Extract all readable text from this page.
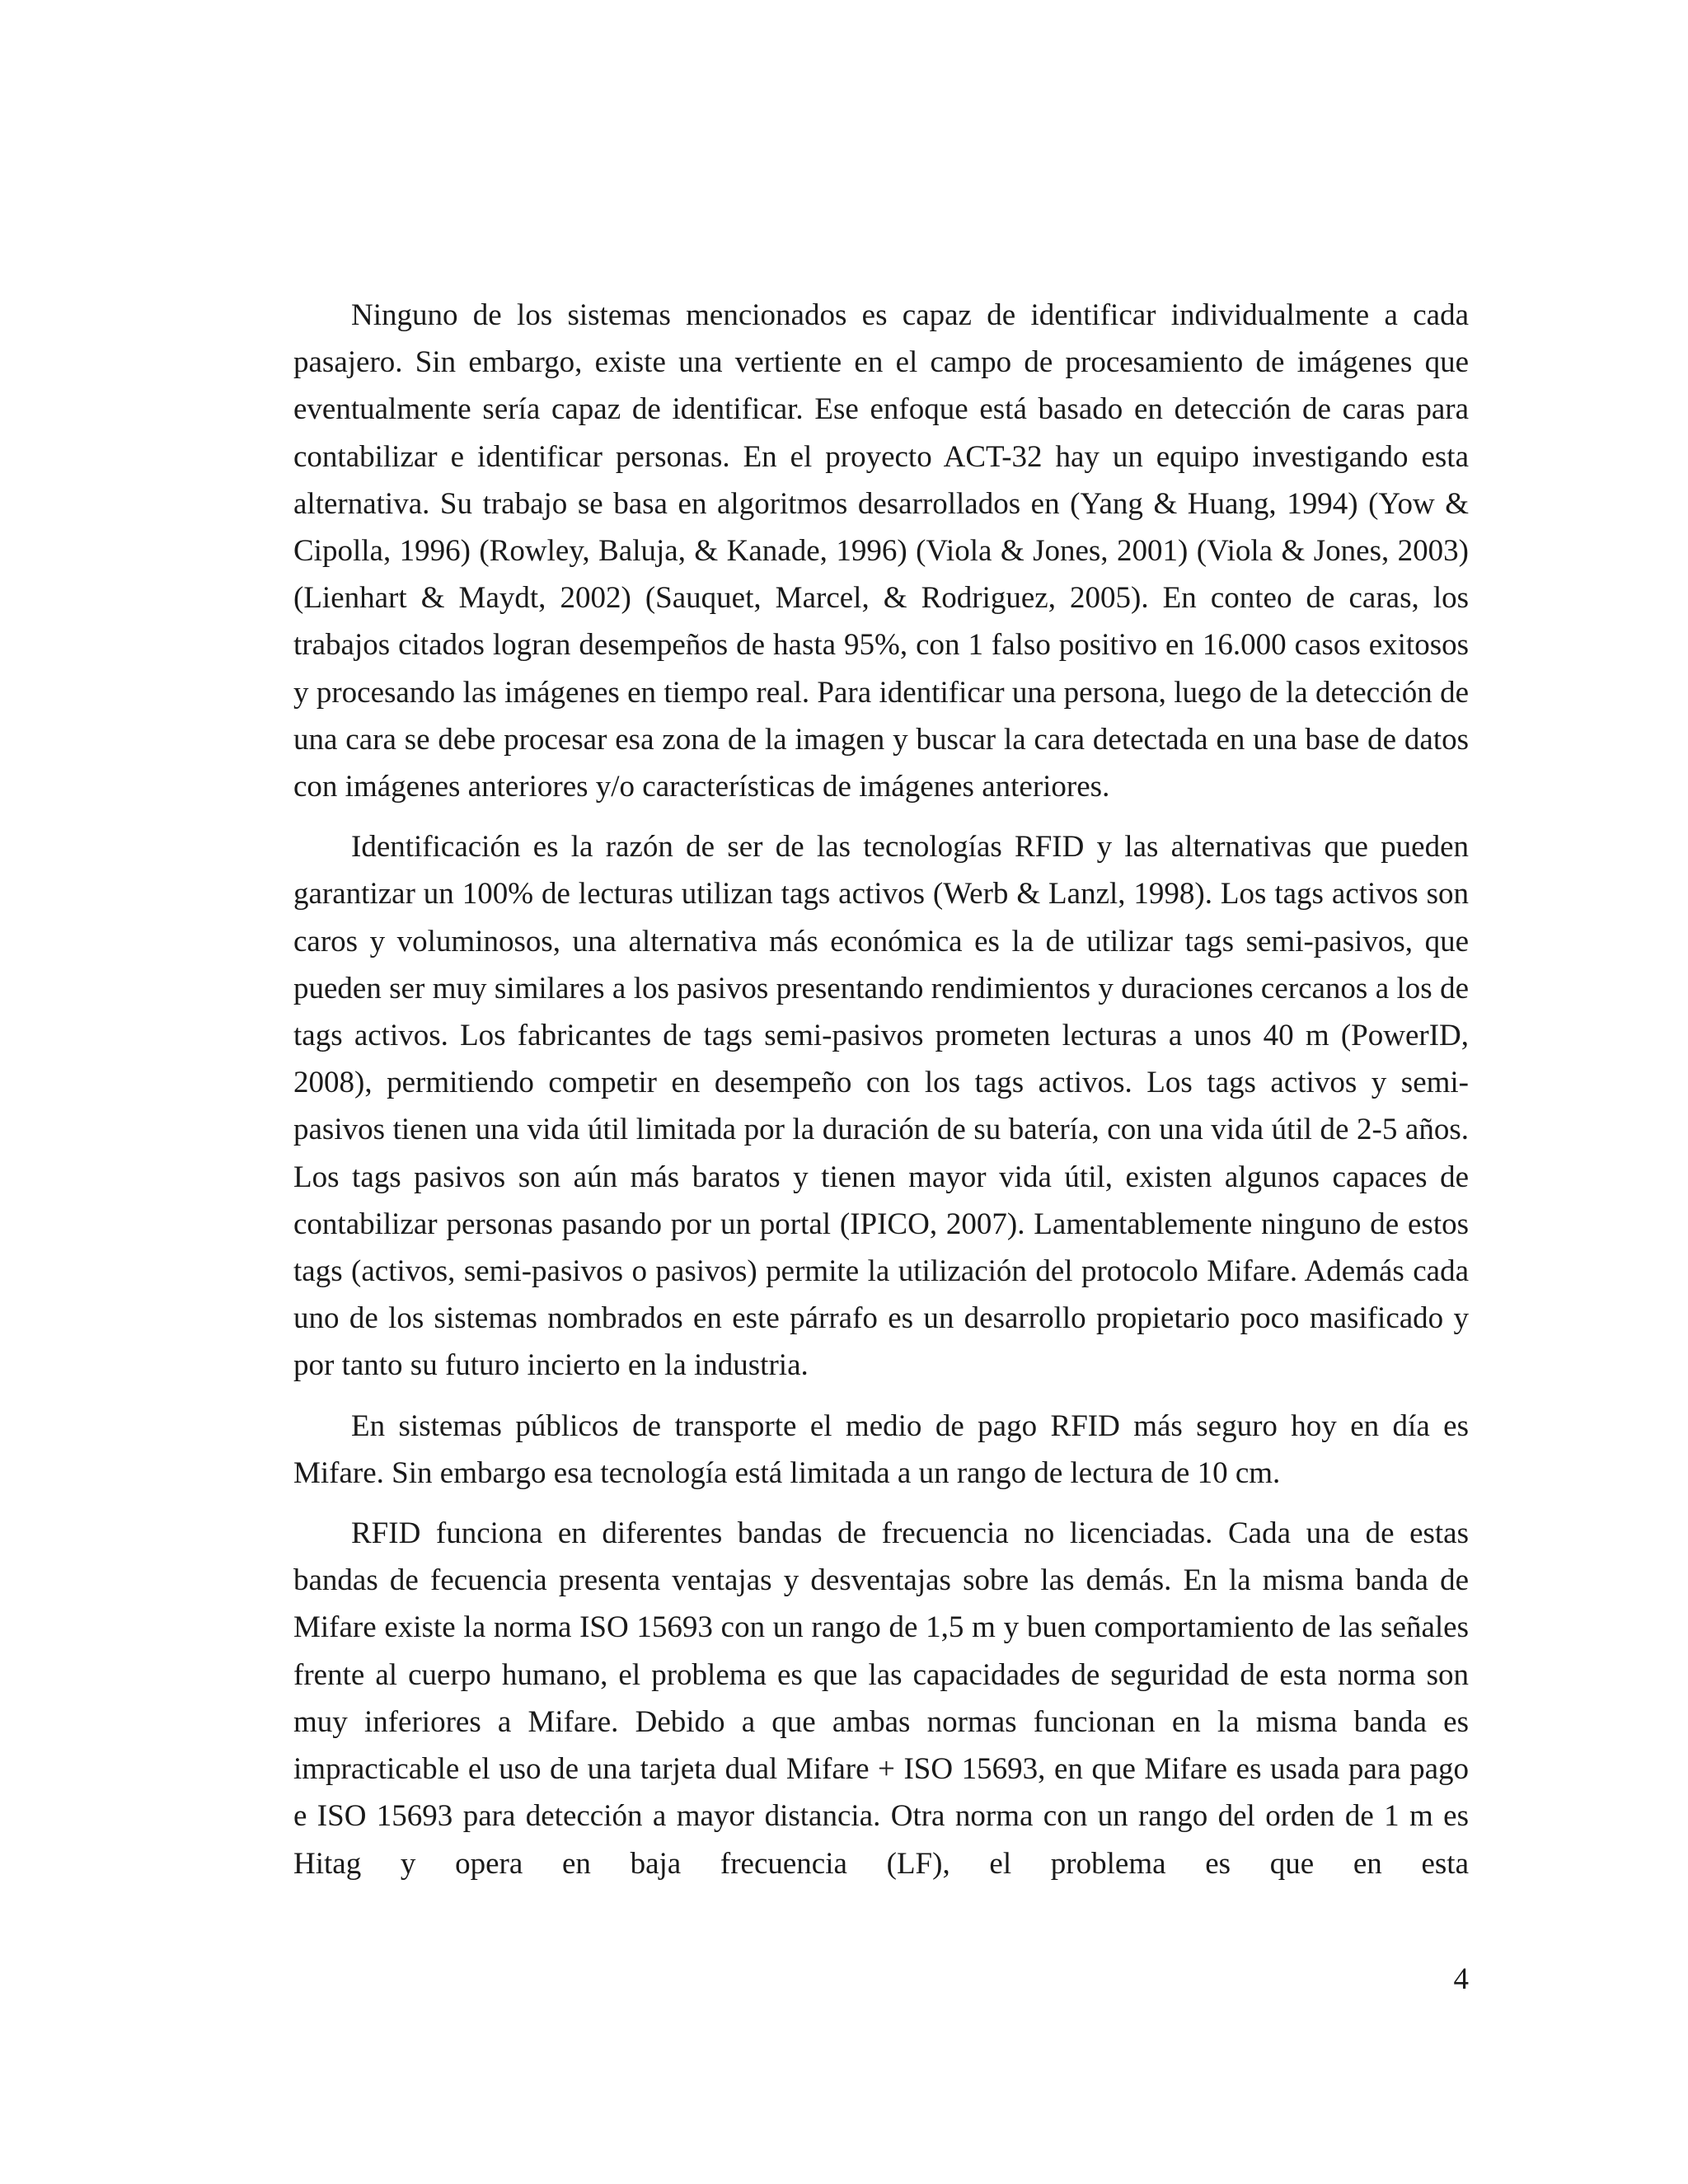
Ninguno de los sistemas mencionados es capaz de identificar individualmente a cada pasajero. Sin embargo, existe una vertiente en el campo de procesamiento de imágenes que eventualmente sería capaz de identificar. Ese enfoque está basado en detección de caras para contabilizar e identificar personas. En el proyecto ACT-32 hay un equipo investigando esta alternativa. Su trabajo se basa en algoritmos desarrollados en (Yang & Huang, 1994) (Yow & Cipolla, 1996) (Rowley, Baluja, & Kanade, 1996) (Viola & Jones, 2001) (Viola & Jones, 2003) (Lienhart & Maydt, 2002) (Sauquet, Marcel, & Rodriguez, 2005). En conteo de caras, los trabajos citados logran desempeños de hasta 95%, con 1 falso positivo en 16.000 casos exitosos y procesando las imágenes en tiempo real. Para identificar una persona, luego de la detección de una cara se debe procesar esa zona de la imagen y buscar la cara detectada en una base de datos con imágenes anteriores y/o características de imágenes anteriores.

Identificación es la razón de ser de las tecnologías RFID y las alternativas que pueden garantizar un 100% de lecturas utilizan tags activos (Werb & Lanzl, 1998). Los tags activos son caros y voluminosos, una alternativa más económica es la de utilizar tags semi-pasivos, que pueden ser muy similares a los pasivos presentando rendimientos y duraciones cercanos a los de tags activos. Los fabricantes de tags semi-pasivos prometen lecturas a unos 40 m (PowerID, 2008), permitiendo competir en desempeño con los tags activos. Los tags activos y semi-pasivos tienen una vida útil limitada por la duración de su batería, con una vida útil de 2-5 años. Los tags pasivos son aún más baratos y tienen mayor vida útil, existen algunos capaces de contabilizar personas pasando por un portal (IPICO, 2007). Lamentablemente ninguno de estos tags (activos, semi-pasivos o pasivos) permite la utilización del protocolo Mifare. Además cada uno de los sistemas nombrados en este párrafo es un desarrollo propietario poco masificado y por tanto su futuro incierto en la industria.

En sistemas públicos de transporte el medio de pago RFID más seguro hoy en día es Mifare. Sin embargo esa tecnología está limitada a un rango de lectura de 10 cm.

RFID funciona en diferentes bandas de frecuencia no licenciadas. Cada una de estas bandas de fecuencia presenta ventajas y desventajas sobre las demás. En la misma banda de Mifare existe la norma ISO 15693 con un rango de 1,5 m y buen comportamiento de las señales frente al cuerpo humano, el problema es que las capacidades de seguridad de esta norma son muy inferiores a Mifare. Debido a que ambas normas funcionan en la misma banda es impracticable el uso de una tarjeta dual Mifare + ISO 15693, en que Mifare es usada para pago e ISO 15693 para detección a mayor distancia. Otra norma con un rango del orden de 1 m es Hitag y opera en baja frecuencia (LF), el problema es que en esta

4
